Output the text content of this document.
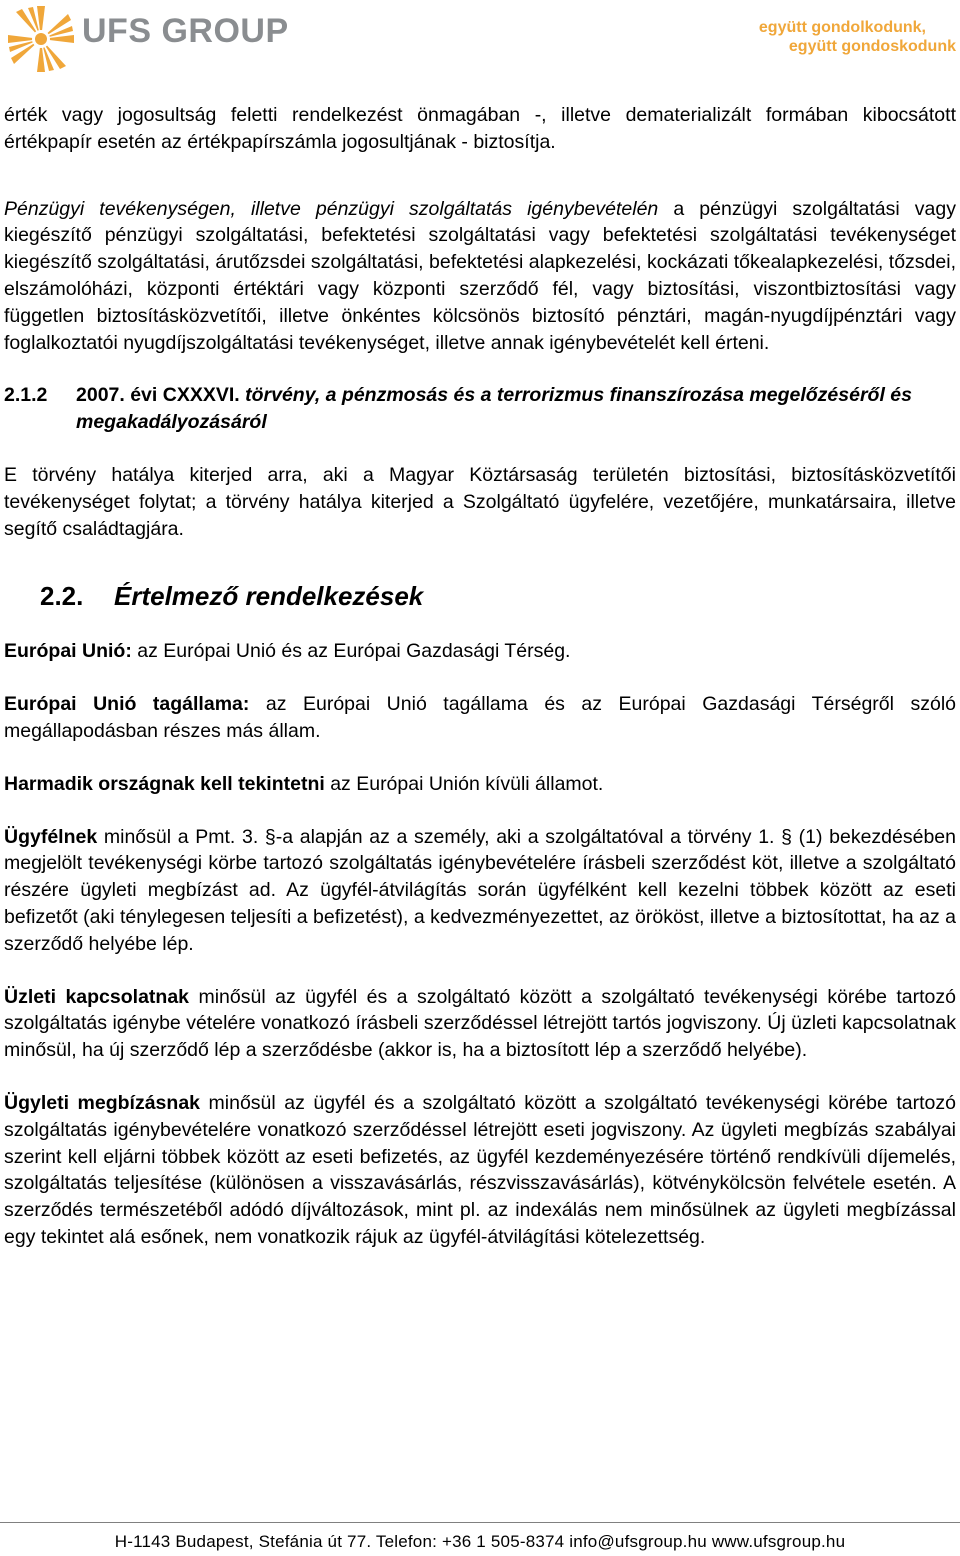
UFS GROUP	együtt gondolkodunk,
együtt gondoskodunk

érték vagy jogosultság feletti rendelkezést önmagában -, illetve dematerializált formában kibocsátott értékpapír esetén az értékpapírszámla jogosultjának - biztosítja.

Pénzügyi tevékenységen, illetve pénzügyi szolgáltatás igénybevételén a pénzügyi szolgáltatási vagy kiegészítő pénzügyi szolgáltatási, befektetési szolgáltatási vagy befektetési szolgáltatási tevékenységet kiegészítő szolgáltatási, árutőzsdei szolgáltatási, befektetési alapkezelési, kockázati tőkealapkezelési, tőzsdei, elszámolóházi, központi értéktári vagy központi szerződő fél, vagy biztosítási, viszontbiztosítási vagy független biztosításközvetítői, illetve önkéntes kölcsönös biztosító pénztári, magán-nyugdíjpénztári vagy foglalkoztatói nyugdíjszolgáltatási tevékenységet, illetve annak igénybevételét kell érteni.

2.1.2	2007. évi CXXXVI. törvény, a pénzmosás és a terrorizmus finanszírozása megelőzéséről és megakadályozásáról

E törvény hatálya kiterjed arra, aki a Magyar Köztársaság területén biztosítási, biztosításközvetítői tevékenységet folytat; a törvény hatálya kiterjed a Szolgáltató ügyfelére, vezetőjére, munkatársaira, illetve segítő családtagjára.

2.2.	Értelmező rendelkezések

Európai Unió: az Európai Unió és az Európai Gazdasági Térség.

Európai Unió tagállama: az Európai Unió tagállama és az Európai Gazdasági Térségről szóló megállapodásban részes más állam.

Harmadik országnak kell tekintetni az Európai Unión kívüli államot.

Ügyfélnek minősül a Pmt. 3. §-a alapján az a személy, aki a szolgáltatóval a törvény 1. § (1) bekezdésében megjelölt tevékenységi körbe tartozó szolgáltatás igénybevételére írásbeli szerződést köt, illetve a szolgáltató részére ügyleti megbízást ad. Az ügyfél-átvilágítás során ügyfélként kell kezelni többek között az eseti befizetőt (aki ténylegesen teljesíti a befizetést), a kedvezményezettet, az örököst, illetve a biztosítottat, ha az a szerződő helyébe lép.

Üzleti kapcsolatnak minősül az ügyfél és a szolgáltató között a szolgáltató tevékenységi körébe tartozó szolgáltatás igénybe vételére vonatkozó írásbeli szerződéssel létrejött tartós jogviszony. Új üzleti kapcsolatnak minősül, ha új szerződő lép a szerződésbe (akkor is, ha a biztosított lép a szerződő helyébe).

Ügyleti megbízásnak minősül az ügyfél és a szolgáltató között a szolgáltató tevékenységi körébe tartozó szolgáltatás igénybevételére vonatkozó szerződéssel létrejött eseti jogviszony. Az ügyleti megbízás szabályai szerint kell eljárni többek között az eseti befizetés, az ügyfél kezdeményezésére történő rendkívüli díjemelés, szolgáltatás teljesítése (különösen a visszavásárlás, részvisszavásárlás), kötvénykölcsön felvétele esetén. A szerződés természetéből adódó díjváltozások, mint pl. az indexálás nem minősülnek az ügyleti megbízással egy tekintet alá esőnek, nem vonatkozik rájuk az ügyfél-átvilágítási kötelezettség.

H-1143 Budapest, Stefánia út 77. Telefon: +36 1 505-8374 info@ufsgroup.hu www.ufsgroup.hu
